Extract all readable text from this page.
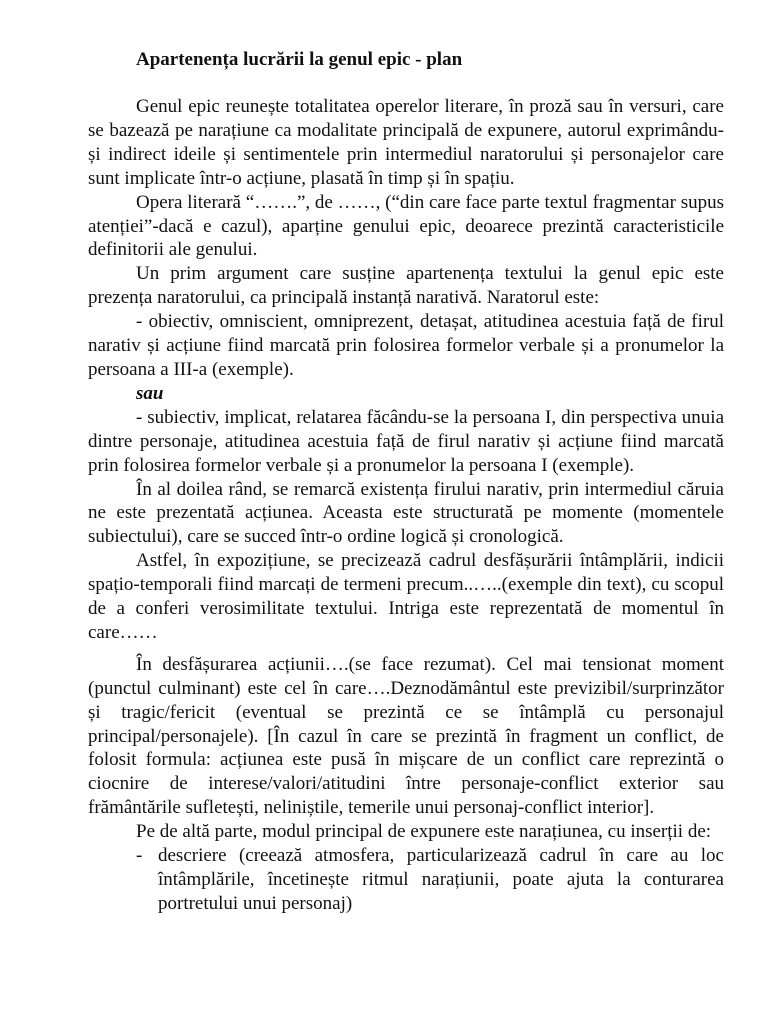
Apartenența lucrării la genul epic - plan

Genul epic reunește totalitatea operelor literare, în proză sau în versuri, care se bazează pe narațiune ca modalitate principală de expunere, autorul exprimându-și indirect ideile și sentimentele prin intermediul naratorului și personajelor care sunt implicate într-o acțiune, plasată în timp și în spațiu.

Opera literară “…….”, de ……, (“din care face parte textul fragmentar supus atenției”-dacă e cazul), aparține genului epic, deoarece prezintă caracteristicile definitorii ale genului.

Un prim argument care susține apartenența textului la genul epic este prezența naratorului, ca principală instanță narativă. Naratorul este:

- obiectiv, omniscient, omniprezent, detașat, atitudinea acestuia față de firul narativ și acțiune fiind marcată prin folosirea formelor verbale și a pronumelor la persoana a III-a (exemple).

sau

- subiectiv, implicat, relatarea făcându-se la persoana I, din perspectiva unuia dintre personaje, atitudinea acestuia față de firul narativ și acțiune fiind marcată prin folosirea formelor verbale și a pronumelor la persoana I (exemple).

În al doilea rând, se remarcă existența firului narativ, prin intermediul căruia ne este prezentată acțiunea. Aceasta este structurată pe momente (momentele subiectului), care se succed într-o ordine logică și cronologică.

Astfel, în expozițiune, se precizează cadrul desfășurării întâmplării, indicii spațio-temporali fiind marcați de termeni precum..…..(exemple din text), cu scopul de a conferi verosimilitate textului. Intriga este reprezentată de momentul în care……

În desfășurarea acțiunii….(se face rezumat). Cel mai tensionat moment (punctul culminant) este cel în care….Deznodământul este previzibil/surprinzător și tragic/fericit (eventual se prezintă ce se întâmplă cu personajul principal/personajele). [În cazul în care se prezintă în fragment un conflict, de folosit formula: acțiunea este pusă în mișcare de un conflict care reprezintă o ciocnire de interese/valori/atitudini între personaje-conflict exterior sau frământările sufletești, neliniștile, temerile unui personaj-conflict interior].

Pe de altă parte, modul principal de expunere este narațiunea, cu inserții de:

- descriere (creează atmosfera, particularizează cadrul în care au loc întâmplările, încetinește ritmul narațiunii, poate ajuta la conturarea portretului unui personaj)
